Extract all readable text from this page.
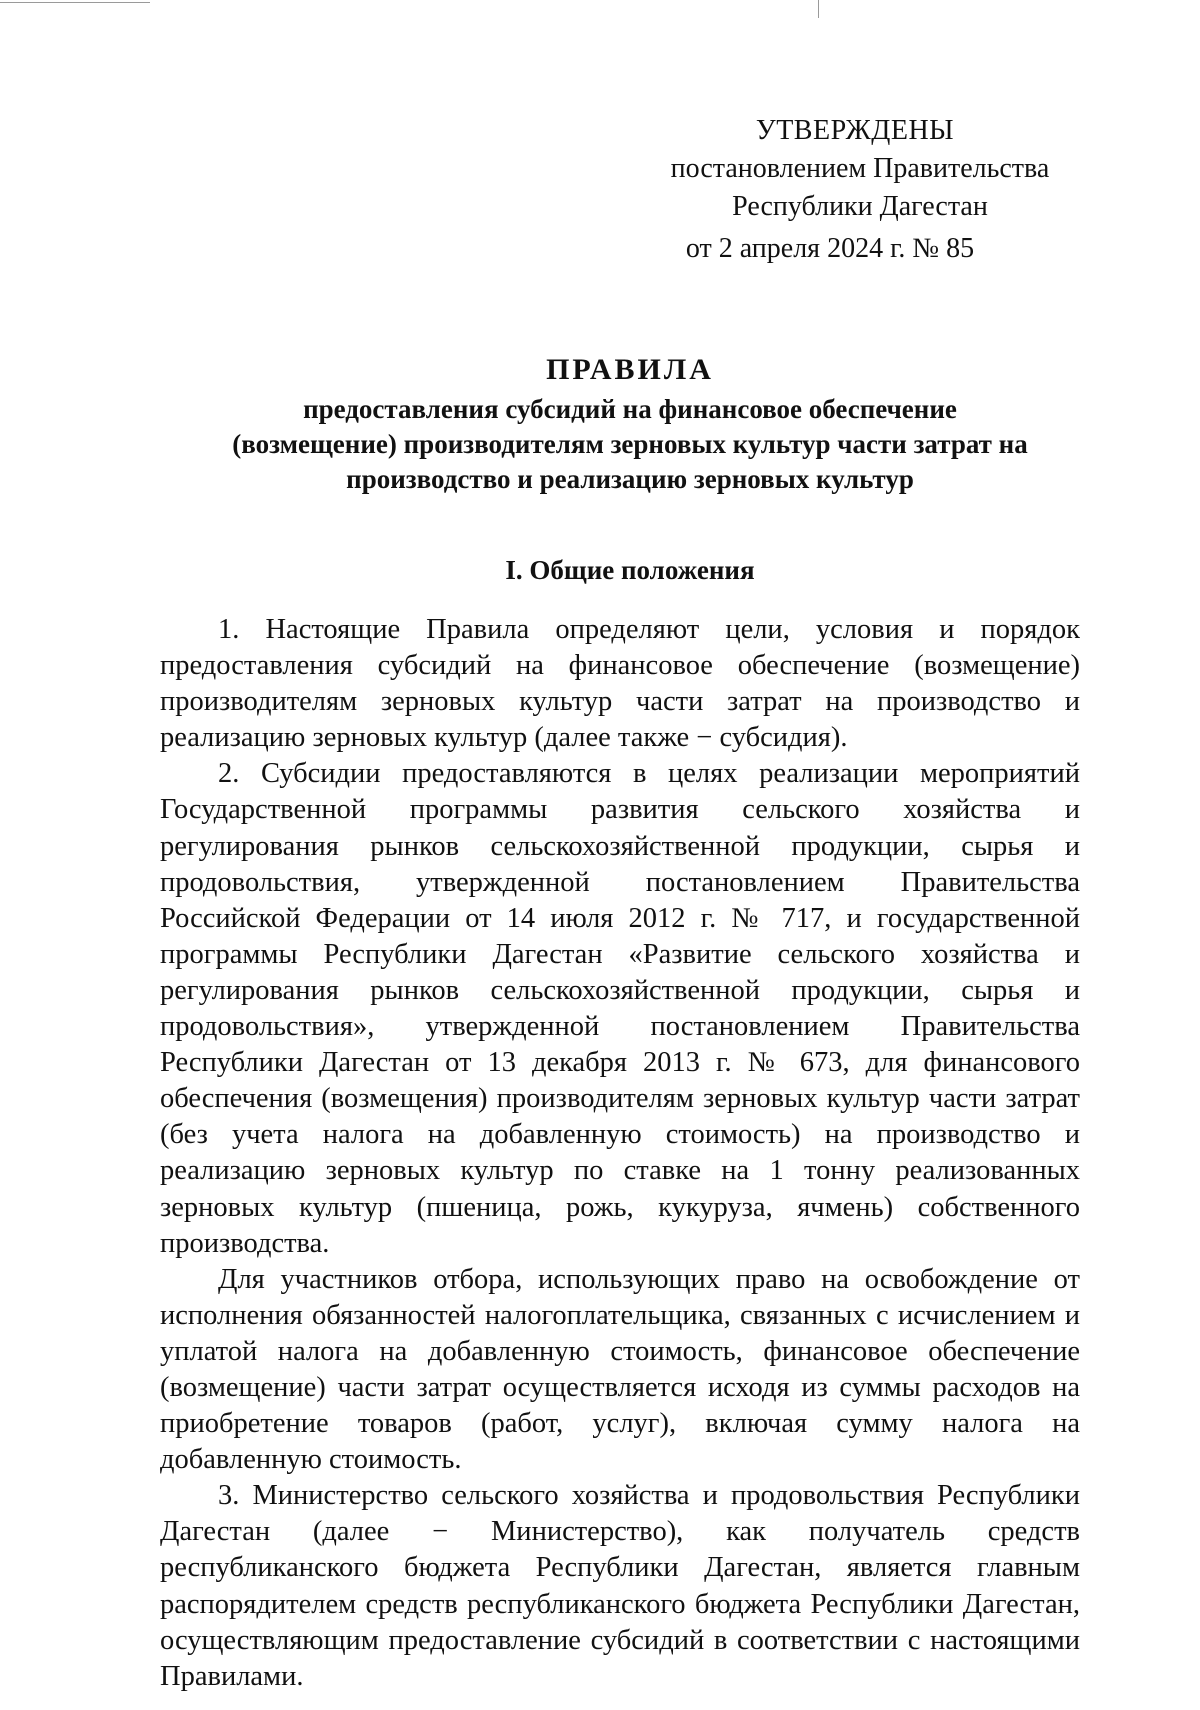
УТВЕРЖДЕНЫ
постановлением Правительства
Республики Дагестан
от 2 апреля 2024 г. № 85
ПРАВИЛА
предоставления субсидий на финансовое обеспечение (возмещение) производителям зерновых культур части затрат на производство и реализацию зерновых культур
I. Общие положения

1. Настоящие Правила определяют цели, условия и порядок предоставления субсидий на финансовое обеспечение (возмещение) производителям зерновых культур части затрат на производство и реализацию зерновых культур (далее также − субсидия).

2. Субсидии предоставляются в целях реализации мероприятий Государственной программы развития сельского хозяйства и регулирования рынков сельскохозяйственной продукции, сырья и продовольствия, утвержденной постановлением Правительства Российской Федерации от 14 июля 2012 г. № 717, и государственной программы Республики Дагестан «Развитие сельского хозяйства и регулирования рынков сельскохозяйственной продукции, сырья и продовольствия», утвержденной постановлением Правительства Республики Дагестан от 13 декабря 2013 г. № 673, для финансового обеспечения (возмещения) производителям зерновых культур части затрат (без учета налога на добавленную стоимость) на производство и реализацию зерновых культур по ставке на 1 тонну реализованных зерновых культур (пшеница, рожь, кукуруза, ячмень) собственного производства.

Для участников отбора, использующих право на освобождение от исполнения обязанностей налогоплательщика, связанных с исчислением и уплатой налога на добавленную стоимость, финансовое обеспечение (возмещение) части затрат осуществляется исходя из суммы расходов на приобретение товаров (работ, услуг), включая сумму налога на добавленную стоимость.

3. Министерство сельского хозяйства и продовольствия Республики Дагестан (далее − Министерство), как получатель средств республиканского бюджета Республики Дагестан, является главным распорядителем средств республиканского бюджета Республики Дагестан, осуществляющим предоставление субсидий в соответствии с настоящими Правилами.
